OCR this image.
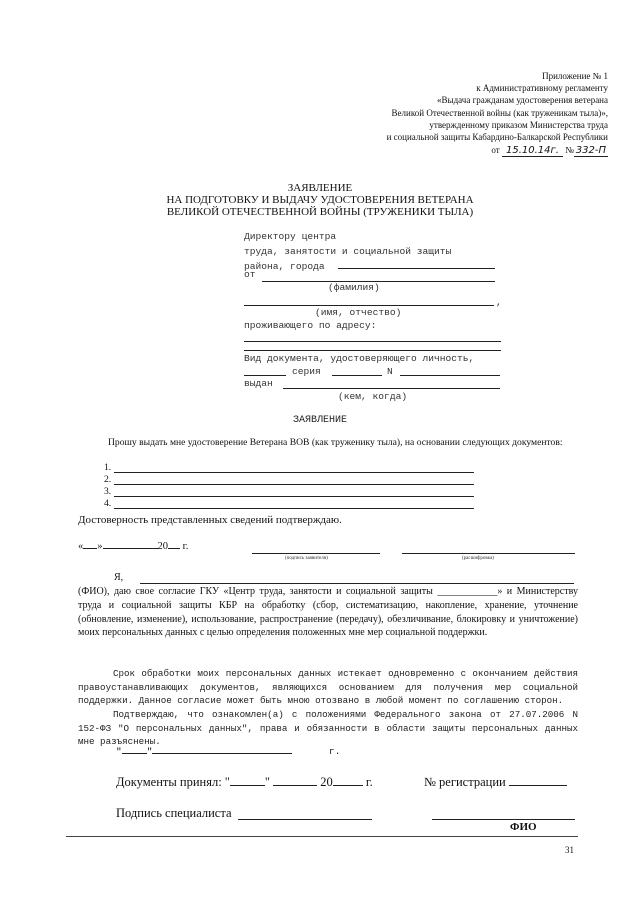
Приложение № 1
к Административному регламенту
«Выдача гражданам удостоверения ветерана
Великой Отечественной войны (как труженикам тыла)»,
утвержденному приказом Министерства труда
и социальной защиты Кабардино-Балкарской Республики
от 15.10.14г. № 332-П
ЗАЯВЛЕНИЕ
НА ПОДГОТОВКУ И ВЫДАЧУ УДОСТОВЕРЕНИЯ ВЕТЕРАНА
ВЕЛИКОЙ ОТЕЧЕСТВЕННОЙ ВОЙНЫ (ТРУЖЕНИКИ ТЫЛА)
Директору центра
труда, занятости и социальной защиты
района, города
от
(фамилия)
,
(имя, отчество)
проживающего по адресу:
Вид документа, удостоверяющего личность,
серия	N
выдан
(кем, когда)
ЗАЯВЛЕНИЕ
Прошу выдать мне удостоверение Ветерана ВОВ (как труженику тыла), на основании следующих документов:
1.
2.
3.
4.
Достоверность представленных сведений подтверждаю.
« »	20 г.
(подпись заявителя)	(расшифровка)
Я,
(ФИО), даю свое согласие ГКУ «Центр труда, занятости и социальной защиты ____________» и Министерству труда и социальной защиты КБР на обработку (сбор, систематизацию, накопление, хранение, уточнение (обновление, изменение), использование, распространение (передачу), обезличивание, блокировку и уничтожение) моих персональных данных с целью определения положенных мне мер социальной поддержки.
Срок обработки моих персональных данных истекает одновременно с окончанием действия правоустанавливающих документов, являющихся основанием для получения мер социальной поддержки. Данное согласие может быть мною отозвано в любой момент по соглашению сторон.
Подтверждаю, что ознакомлен(а) с положениями Федерального закона от 27.07.2006 N 152-ФЗ "О персональных данных", права и обязанности в области защиты персональных данных мне разъяснены.
"	"	г.
Документы принял: "	"	20	г.	№ регистрации
Подпись специалиста
ФИО
31
